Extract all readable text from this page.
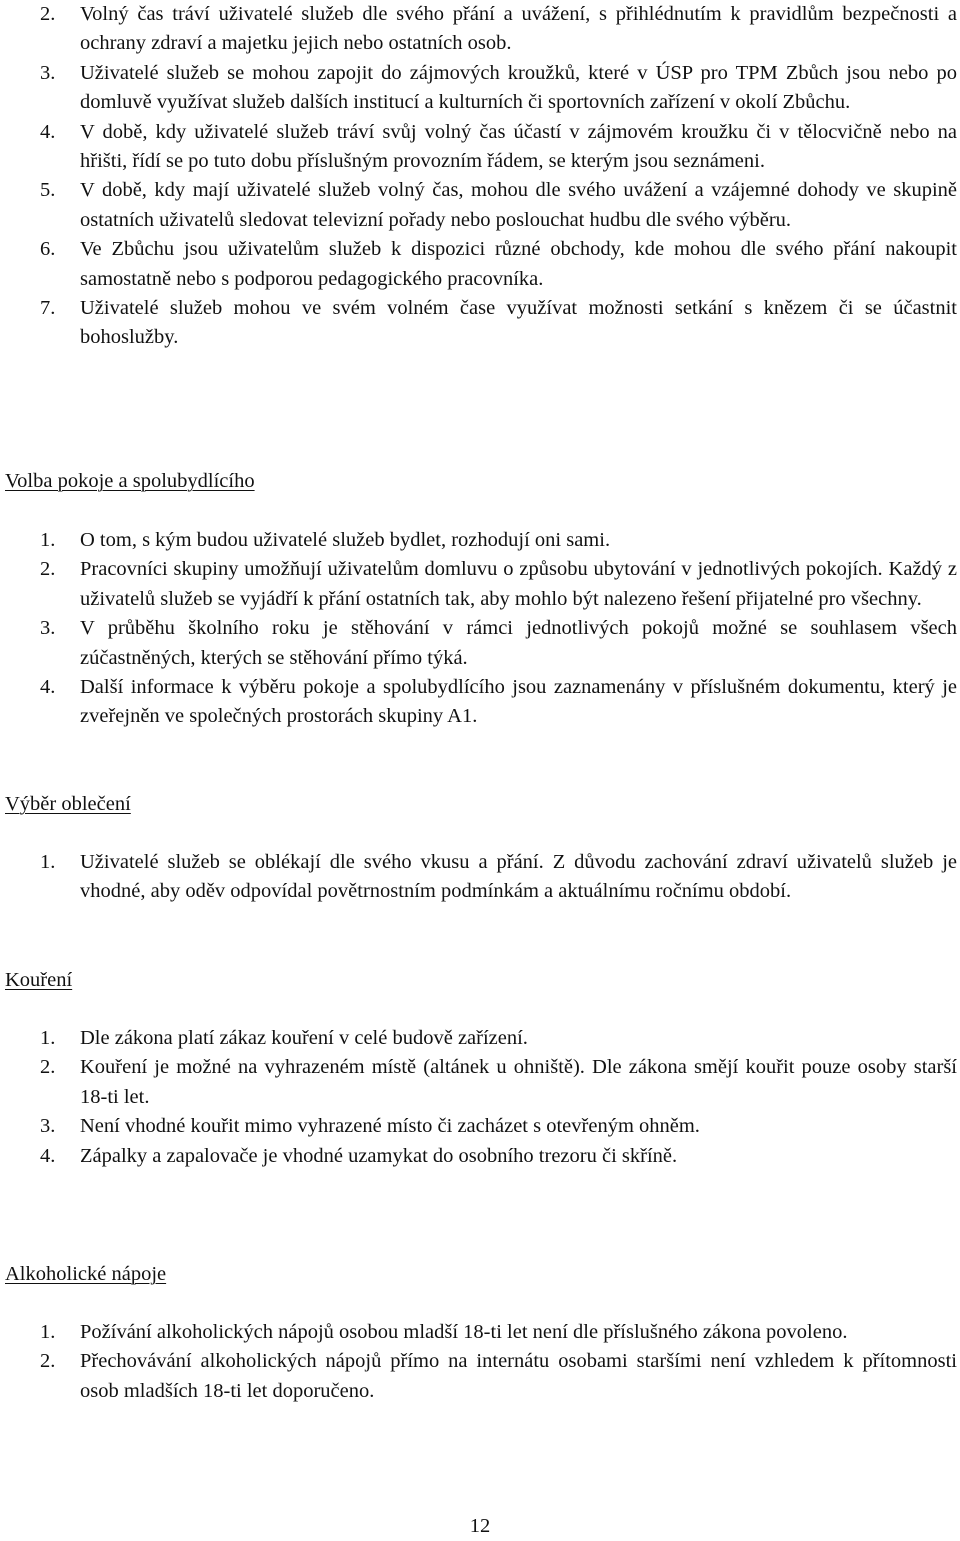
2. Volný čas tráví uživatelé služeb dle svého přání a uvážení, s přihlédnutím k pravidlům bezpečnosti a ochrany zdraví a majetku jejich nebo ostatních osob.
3. Uživatelé služeb se mohou zapojit do zájmových kroužků, které v ÚSP pro TPM Zbůch jsou nebo po domluvě využívat služeb dalších institucí a kulturních či sportovních zařízení v okolí Zbůchu.
4. V době, kdy uživatelé služeb tráví svůj volný čas účastí v zájmovém kroužku či v tělocvičně nebo na hřišti, řídí se po tuto dobu příslušným provozním řádem, se kterým jsou seznámeni.
5. V době, kdy mají uživatelé služeb volný čas, mohou dle svého uvážení a vzájemné dohody ve skupině ostatních uživatelů sledovat televizní pořady nebo poslouchat hudbu dle svého výběru.
6. Ve Zbůchu jsou uživatelům služeb k dispozici různé obchody, kde mohou dle svého přání nakoupit samostatně nebo s podporou pedagogického pracovníka.
7. Uživatelé služeb mohou ve svém volném čase využívat možnosti setkání s knězem či se účastnit bohoslužby.
Volba pokoje a spolubydlícího
1. O tom, s kým budou uživatelé služeb bydlet, rozhodují oni sami.
2. Pracovníci skupiny umožňují uživatelům domluvu o způsobu ubytování v jednotlivých pokojích. Každý z uživatelů služeb se vyjádří k přání ostatních tak, aby mohlo být nalezeno řešení přijatelné pro všechny.
3. V průběhu školního roku je stěhování v rámci jednotlivých pokojů možné se souhlasem všech zúčastněných, kterých se stěhování přímo týká.
4. Další informace k výběru pokoje a spolubydlícího jsou zaznamenány v příslušném dokumentu, který je zveřejněn ve společných prostorách skupiny A1.
Výběr oblečení
1. Uživatelé služeb se oblékají dle svého vkusu a přání. Z důvodu zachování zdraví uživatelů služeb je vhodné, aby oděv odpovídal povětrnostním podmínkám a aktuálnímu ročnímu období.
Kouření
1. Dle zákona platí zákaz kouření v celé budově zařízení.
2. Kouření je možné na vyhrazeném místě (altánek u ohniště). Dle zákona smějí kouřit pouze osoby starší 18-ti let.
3. Není vhodné kouřit mimo vyhrazené místo či zacházet s otevřeným ohněm.
4. Zápalky a zapalovače je vhodné uzamykat do osobního trezoru či skříně.
Alkoholické nápoje
1. Požívání alkoholických nápojů osobou mladší 18-ti let není dle příslušného zákona povoleno.
2. Přechovávání alkoholických nápojů přímo na internátu osobami staršími není vzhledem k přítomnosti osob mladších 18-ti let doporučeno.
12
